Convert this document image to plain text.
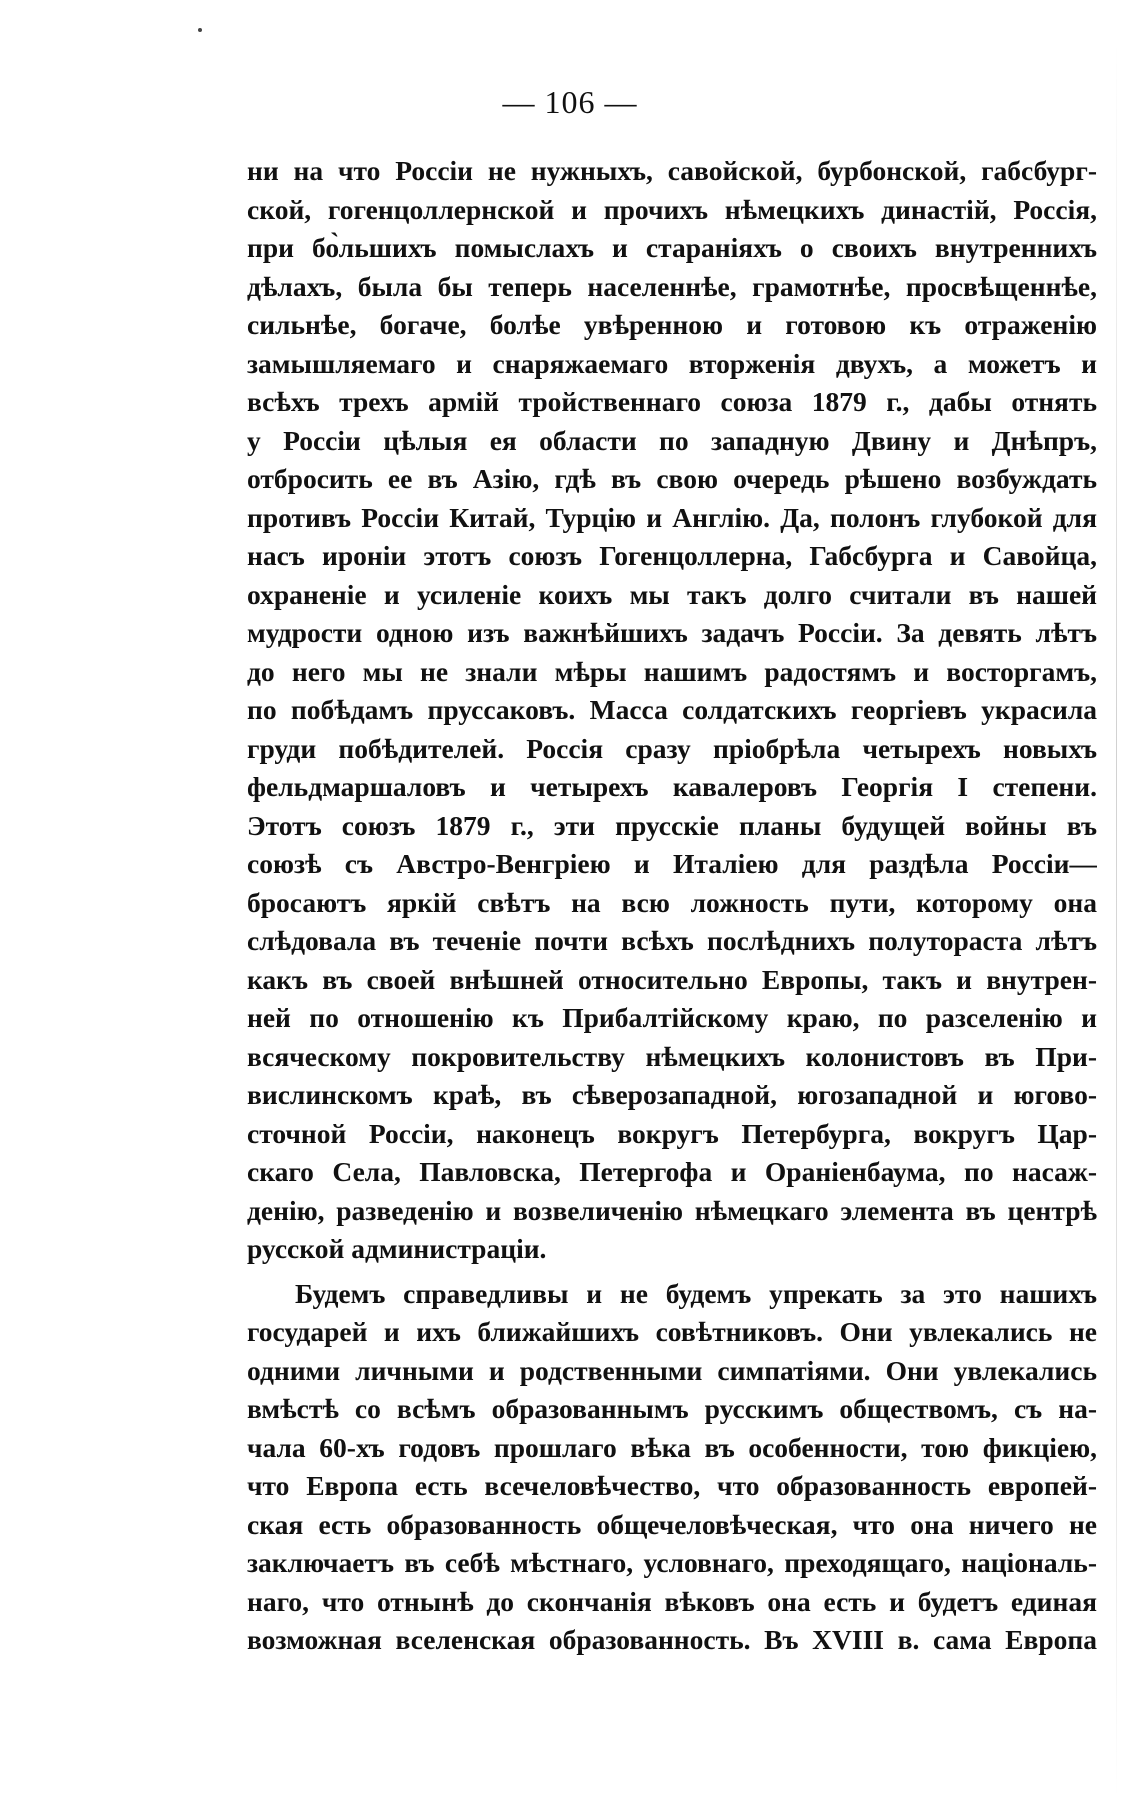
— 106 —
ни на что Россіи не нужныхъ, савойской, бурбонской, габсбург-
ской, гогенцоллернской и прочихъ нѣмецкихъ династій, Россія,
при бо̀льшихъ помыслахъ и стараніяхъ о своихъ внутреннихъ
дѣлахъ, была бы теперь населеннѣе, грамотнѣе, просвѣщеннѣе,
сильнѣе, богаче, болѣе увѣренною и готовою къ отраженію
замышляемаго и снаряжаемаго вторженія двухъ, а можетъ и
всѣхъ трехъ армій тройственнаго союза 1879 г., дабы отнять
у Россіи цѣлыя ея области по западную Двину и Днѣпръ,
отбросить ее въ Азію, гдѣ въ свою очередь рѣшено возбуждать
противъ Россіи Китай, Турцію и Англію. Да, полонъ глубокой для
насъ ироніи этотъ союзъ Гогенцоллерна, Габсбурга и Савойца,
охраненіе и усиленіе коихъ мы такъ долго считали въ нашей
мудрости одною изъ важнѣйшихъ задачъ Россіи. За девять лѣтъ
до него мы не знали мѣры нашимъ радостямъ и восторгамъ,
по побѣдамъ пруссаковъ. Масса солдатскихъ георгіевъ украсила
груди побѣдителей. Россія сразу пріобрѣла четырехъ новыхъ
фельдмаршаловъ и четырехъ кавалеровъ Георгія I степени.
Этотъ союзъ 1879 г., эти прусскіе планы будущей войны въ
союзѣ съ Австро-Венгріею и Италіею для раздѣла Россіи—
бросаютъ яркій свѣтъ на всю ложность пути, которому она
слѣдовала въ теченіе почти всѣхъ послѣднихъ полутораста лѣтъ
какъ въ своей внѣшней относительно Европы, такъ и внутрен-
ней по отношенію къ Прибалтійскому краю, по разселенію и
всяческому покровительству нѣмецкихъ колонистовъ въ При-
вислинскомъ краѣ, въ сѣверозападной, югозападной и югово-
сточной Россіи, наконецъ вокругъ Петербурга, вокругъ Цар-
скаго Села, Павловска, Петергофа и Ораніенбаума, по насаж-
денію, разведенію и возвеличенію нѣмецкаго элемента въ центрѣ
русской администраціи.
Будемъ справедливы и не будемъ упрекать за это нашихъ
государей и ихъ ближайшихъ совѣтниковъ. Они увлекались не
одними личными и родственными симпатіями. Они увлекались
вмѣстѣ со всѣмъ образованнымъ русскимъ обществомъ, съ на-
чала 60-хъ годовъ прошлаго вѣка въ особенности, тою фикціею,
что Европа есть всечеловѣчество, что образованность европей-
ская есть образованность общечеловѣческая, что она ничего не
заключаетъ въ себѣ мѣстнаго, условнаго, преходящаго, національ-
наго, что отнынѣ до скончанія вѣковъ она есть и будетъ единая
возможная вселенская образованность. Въ XVIII в. сама Европа
